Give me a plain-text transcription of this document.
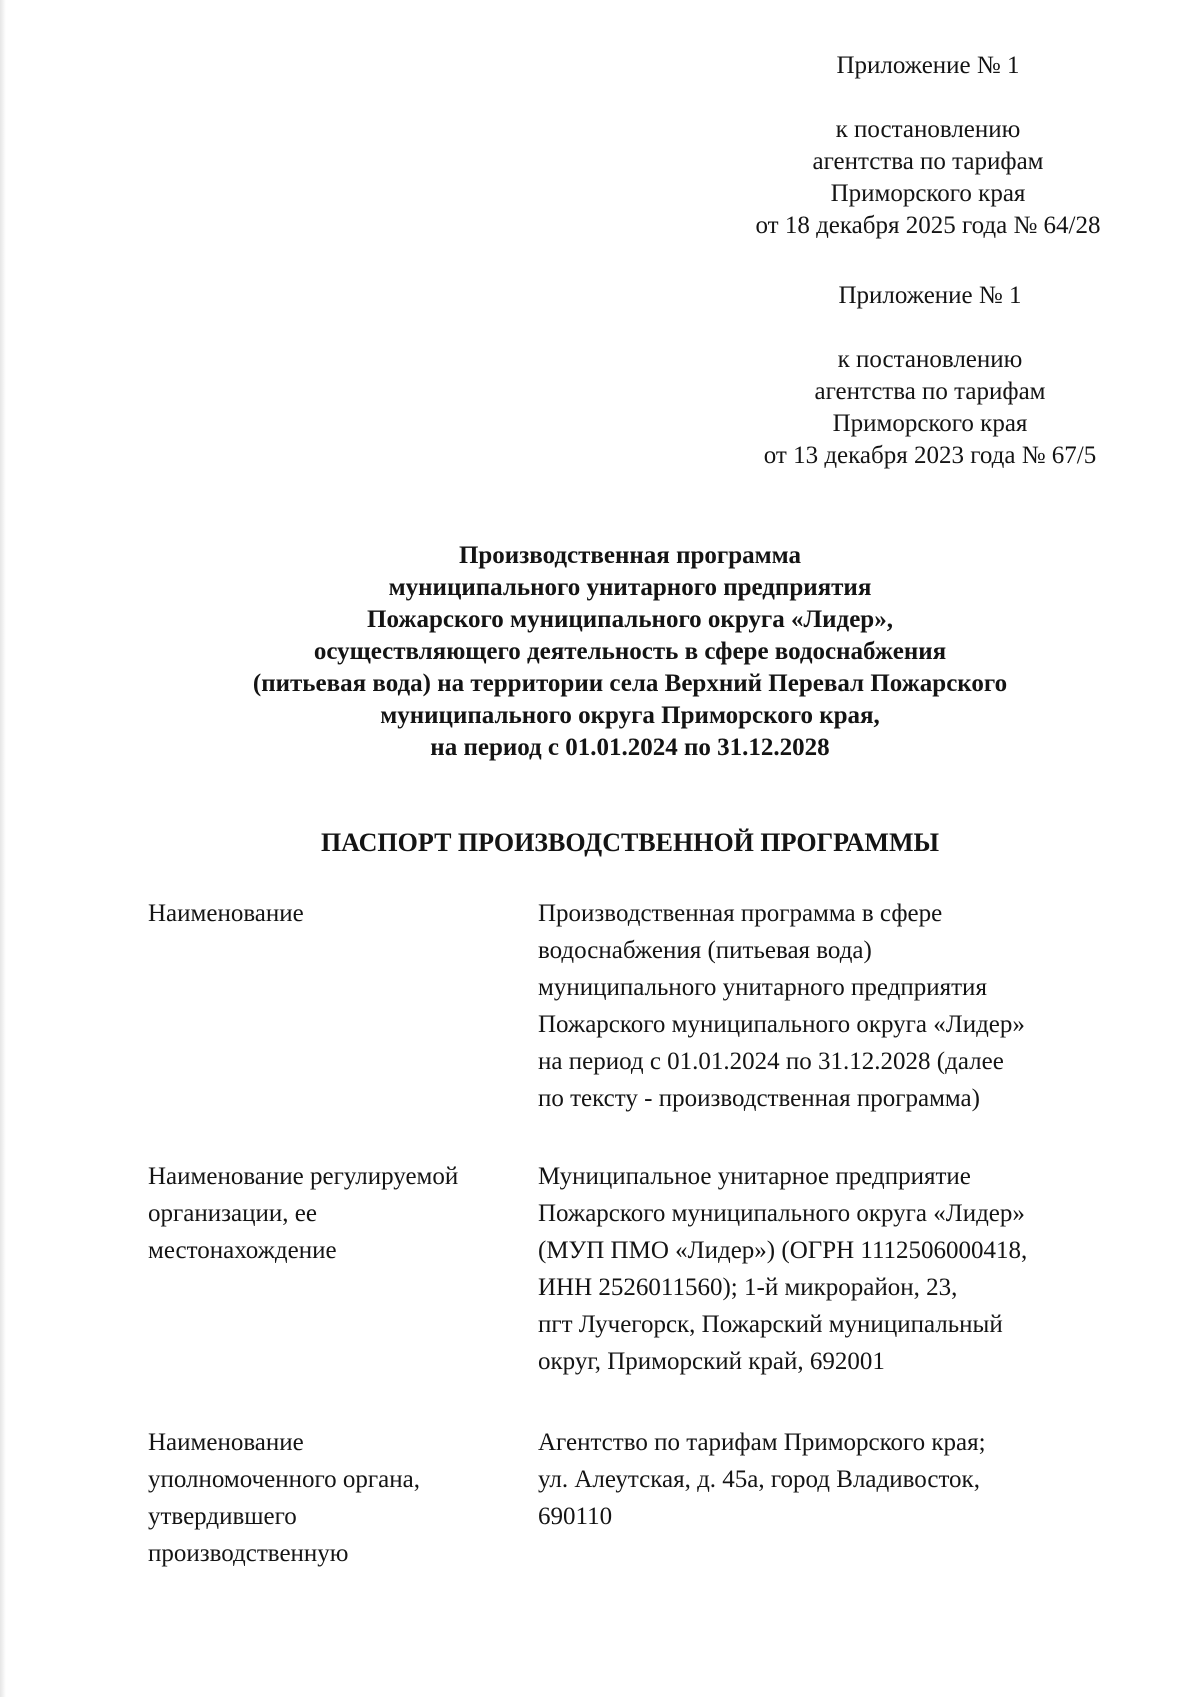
Приложение № 1
к постановлению
агентства по тарифам
Приморского края
от 18 декабря 2025 года № 64/28
Приложение № 1
к постановлению
агентства по тарифам
Приморского края
от 13 декабря 2023 года № 67/5
Производственная программа
муниципального унитарного предприятия
Пожарского муниципального округа «Лидер»,
осуществляющего деятельность в сфере водоснабжения
(питьевая вода) на территории села Верхний Перевал Пожарского
муниципального округа Приморского края,
на период с 01.01.2024 по 31.12.2028
ПАСПОРТ ПРОИЗВОДСТВЕННОЙ ПРОГРАММЫ
Наименование	Производственная программа в сфере
водоснабжения (питьевая вода)
муниципального унитарного предприятия
Пожарского муниципального округа «Лидер»
на период с 01.01.2024 по 31.12.2028 (далее
по тексту - производственная программа)
Наименование регулируемой
организации, ее
местонахождение
Муниципальное унитарное предприятие
Пожарского муниципального округа «Лидер»
(МУП ПМО «Лидер») (ОГРН 1112506000418,
ИНН 2526011560); 1-й микрорайон, 23,
пгт Лучегорск, Пожарский муниципальный
округ, Приморский край, 692001
Наименование
уполномоченного органа,
утвердившего
производственную
Агентство по тарифам Приморского края;
ул. Алеутская, д. 45а, город Владивосток,
690110
